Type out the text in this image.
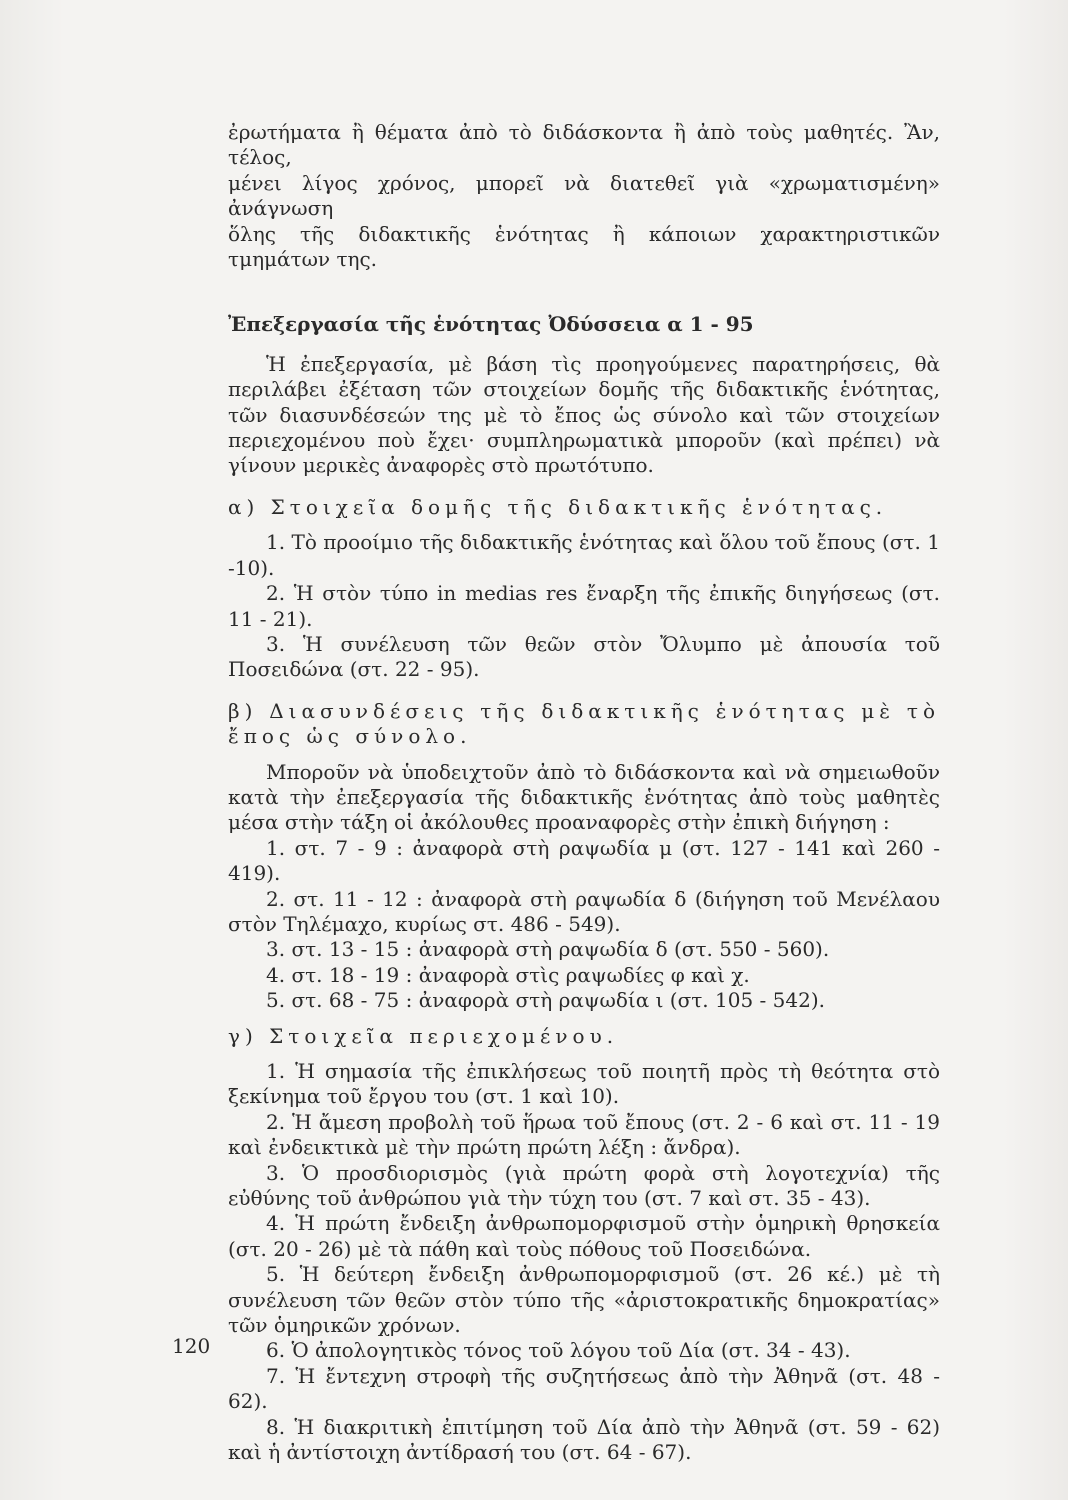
ἐρωτήματα ἢ θέματα ἀπὸ τὸ διδάσκοντα ἢ ἀπὸ τοὺς μαθητές. Ἂν, τέλος,

μένει λίγος χρόνος, μπορεῖ νὰ διατεθεῖ γιὰ «χρωματισμένη» ἀνάγνωση

ὅλης τῆς διδακτικῆς ἑνότητας ἢ κάποιων χαρακτηριστικῶν τμημάτων της.

Ἐπεξεργασία τῆς ἑνότητας Ὀδύσσεια α 1 - 95

Ἡ ἐπεξεργασία, μὲ βάση τὶς προηγούμενες παρατηρήσεις, θὰ περιλάβει ἐξέταση τῶν στοιχείων δομῆς τῆς διδακτικῆς ἑνότητας, τῶν διασυνδέσεών της μὲ τὸ ἔπος ὡς σύνολο καὶ τῶν στοιχείων περιεχομένου ποὺ ἔχει· συμπληρωματικὰ μποροῦν (καὶ πρέπει) νὰ γίνουν μερικὲς ἀναφορὲς στὸ πρωτότυπο.

α) Στοιχεῖα δομῆς τῆς διδακτικῆς ἑνότητας.

1. Τὸ προοίμιο τῆς διδακτικῆς ἑνότητας καὶ ὅλου τοῦ ἔπους (στ. 1 -10).

2. Ἡ στὸν τύπο in medias res ἔναρξη τῆς ἐπικῆς διηγήσεως (στ. 11 - 21).

3. Ἡ συνέλευση τῶν θεῶν στὸν Ὄλυμπο μὲ ἀπουσία τοῦ Ποσειδώνα (στ. 22 - 95).

β) Διασυνδέσεις τῆς διδακτικῆς ἑνότητας μὲ τὸ

ἔπος ὡς σύνολο.

Μποροῦν νὰ ὑποδειχτοῦν ἀπὸ τὸ διδάσκοντα καὶ νὰ σημειωθοῦν κατὰ τὴν ἐπεξεργασία τῆς διδακτικῆς ἑνότητας ἀπὸ τοὺς μαθητὲς μέσα στὴν τάξη οἱ ἀκόλουθες προαναφορὲς στὴν ἐπικὴ διήγηση :

1. στ. 7 - 9 : ἀναφορὰ στὴ ραψωδία μ (στ. 127 - 141 καὶ 260 - 419).

2. στ. 11 - 12 : ἀναφορὰ στὴ ραψωδία δ (διήγηση τοῦ Μενέλαου στὸν Τηλέμαχο, κυρίως στ. 486 - 549).

3. στ. 13 - 15 : ἀναφορὰ στὴ ραψωδία δ (στ. 550 - 560).

4. στ. 18 - 19 : ἀναφορὰ στὶς ραψωδίες φ καὶ χ.

5. στ. 68 - 75 : ἀναφορὰ στὴ ραψωδία ι (στ. 105 - 542).

γ) Στοιχεῖα περιεχομένου.

1. Ἡ σημασία τῆς ἐπικλήσεως τοῦ ποιητῆ πρὸς τὴ θεότητα στὸ ξεκίνημα τοῦ ἔργου του (στ. 1 καὶ 10).

2. Ἡ ἄμεση προβολὴ τοῦ ἥρωα τοῦ ἔπους (στ. 2 - 6 καὶ στ. 11 - 19 καὶ ἐνδεικτικὰ μὲ τὴν πρώτη πρώτη λέξη : ἄνδρα).

3. Ὁ προσδιορισμὸς (γιὰ πρώτη φορὰ στὴ λογοτεχνία) τῆς εὐθύνης τοῦ ἀνθρώπου γιὰ τὴν τύχη του (στ. 7 καὶ στ. 35 - 43).

4. Ἡ πρώτη ἔνδειξη ἀνθρωπομορφισμοῦ στὴν ὁμηρικὴ θρησκεία (στ. 20 - 26) μὲ τὰ πάθη καὶ τοὺς πόθους τοῦ Ποσειδώνα.

5. Ἡ δεύτερη ἔνδειξη ἀνθρωπομορφισμοῦ (στ. 26 κέ.) μὲ τὴ συνέλευση τῶν θεῶν στὸν τύπο τῆς «ἀριστοκρατικῆς δημοκρατίας» τῶν ὁμηρικῶν χρόνων.

6. Ὁ ἀπολογητικὸς τόνος τοῦ λόγου τοῦ Δία (στ. 34 - 43).

7. Ἡ ἔντεχνη στροφὴ τῆς συζητήσεως ἀπὸ τὴν Ἀθηνᾶ (στ. 48 - 62).

8. Ἡ διακριτικὴ ἐπιτίμηση τοῦ Δία ἀπὸ τὴν Ἀθηνᾶ (στ. 59 - 62) καὶ ἡ ἀντίστοιχη ἀντίδρασή του (στ. 64 - 67).

120
